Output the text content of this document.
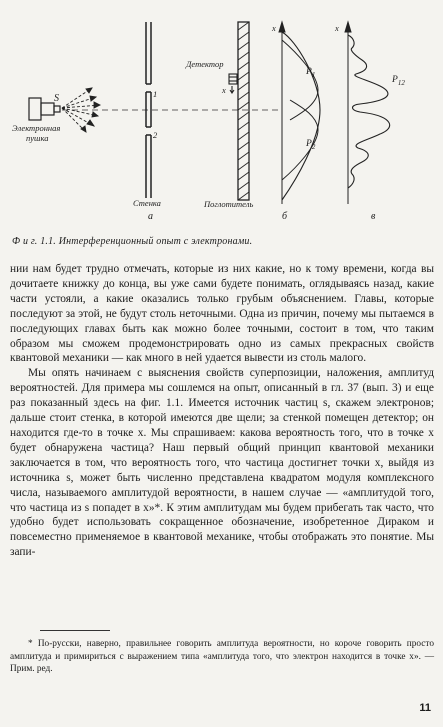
S
Электронная
пушка
Детектор
x
1
2
Стенка	Поглотитель
x
$P_1$
$P_2$
x
$P_{12}$
а	б	в
Ф и г. 1.1. Интерференционный опыт с электронами.

нии нам будет трудно отмечать, которые из них какие, но к тому времени, когда вы дочитаете книжку до конца, вы уже сами будете понимать, оглядываясь назад, какие части устояли, а какие оказались только грубым объяснением. Главы, которые последуют за этой, не будут столь неточными. Одна из причин, почему мы пытаемся в последующих главах быть как можно более точными, состоит в том, что таким образом мы сможем продемонстрировать одно из самых прекрасных свойств квантовой механики — как много в ней удается вывести из столь малого.

Мы опять начинаем с выяснения свойств суперпозиции, наложения, амплитуд вероятностей. Для примера мы сошлемся на опыт, описанный в гл. 37 (вып. 3) и еще раз показанный здесь на фиг. 1.1. Имеется источник частиц s, скажем электронов; дальше стоит стенка, в которой имеются две щели; за стенкой помещен детектор; он находится где-то в точке x. Мы спрашиваем: какова вероятность того, что в точке x будет обнаружена частица? Наш первый общий принцип квантовой механики заключается в том, что вероятность того, что частица достигнет точки x, выйдя из источника s, может быть численно представлена квадратом модуля комплексного числа, называемого амплитудой вероятности, в нашем случае — «амплитудой того, что частица из s попадет в x»*. К этим амплитудам мы будем прибегать так часто, что удобно будет использовать сокращенное обозначение, изобретенное Дираком и повсеместно применяемое в квантовой механике, чтобы отображать это понятие. Мы запи-

* По-русски, наверно, правильнее говорить амплитуда вероятности, но короче говорить просто амплитуда и примириться с выражением типа «амплитуда того, что электрон находится в точке x». — Прим. ред.

11
